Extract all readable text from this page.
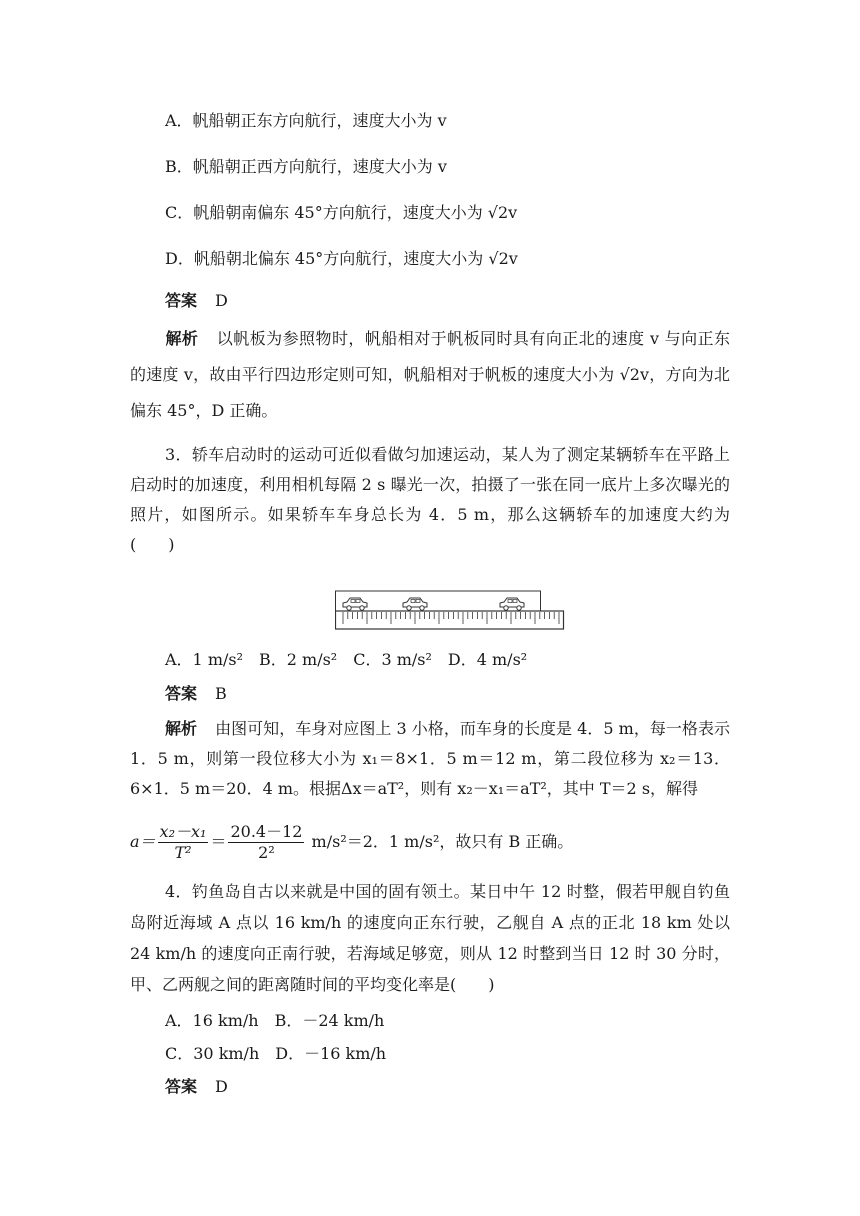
A．帆船朝正东方向航行，速度大小为 v
B．帆船朝正西方向航行，速度大小为 v
C．帆船朝南偏东 45°方向航行，速度大小为 √2v
D．帆船朝北偏东 45°方向航行，速度大小为 √2v
答案 D
解析 以帆板为参照物时，帆船相对于帆板同时具有向正北的速度 v 与向正东的速度 v，故由平行四边形定则可知，帆船相对于帆板的速度大小为 √2v，方向为北偏东 45°，D 正确。
3．轿车启动时的运动可近似看做匀加速运动，某人为了测定某辆轿车在平路上启动时的加速度，利用相机每隔 2 s 曝光一次，拍摄了一张在同一底片上多次曝光的照片，如图所示。如果轿车车身总长为 4．5 m，那么这辆轿车的加速度大约为(　　)
A．1 m/s²　B．2 m/s²　C．3 m/s²　D．4 m/s²
答案 B
解析 由图可知，车身对应图上 3 小格，而车身的长度是 4．5 m，每一格表示 1．5 m，则第一段位移大小为 x₁＝8×1．5 m＝12 m，第二段位移为 x₂＝13．6×1．5 m＝20．4 m。根据Δx＝aT²，则有 x₂－x₁＝aT²，其中 T＝2 s，解得
$a= \frac{\text{x₂－x₁}}{\text{T²}} = \frac{20.4-12}{\text{2²}} m/s^2=2$．1 m/s²，故只有 B 正确。
4．钓鱼岛自古以来就是中国的固有领土。某日中午 12 时整，假若甲舰自钓鱼岛附近海域 A 点以 16 km/h 的速度向正东行驶，乙舰自 A 点的正北 18 km 处以 24 km/h 的速度向正南行驶，若海域足够宽，则从 12 时整到当日 12 时 30 分时，甲、乙两舰之间的距离随时间的平均变化率是(　　)
A．16 km/h　B．－24 km/h
C．30 km/h　D．－16 km/h
答案 D
